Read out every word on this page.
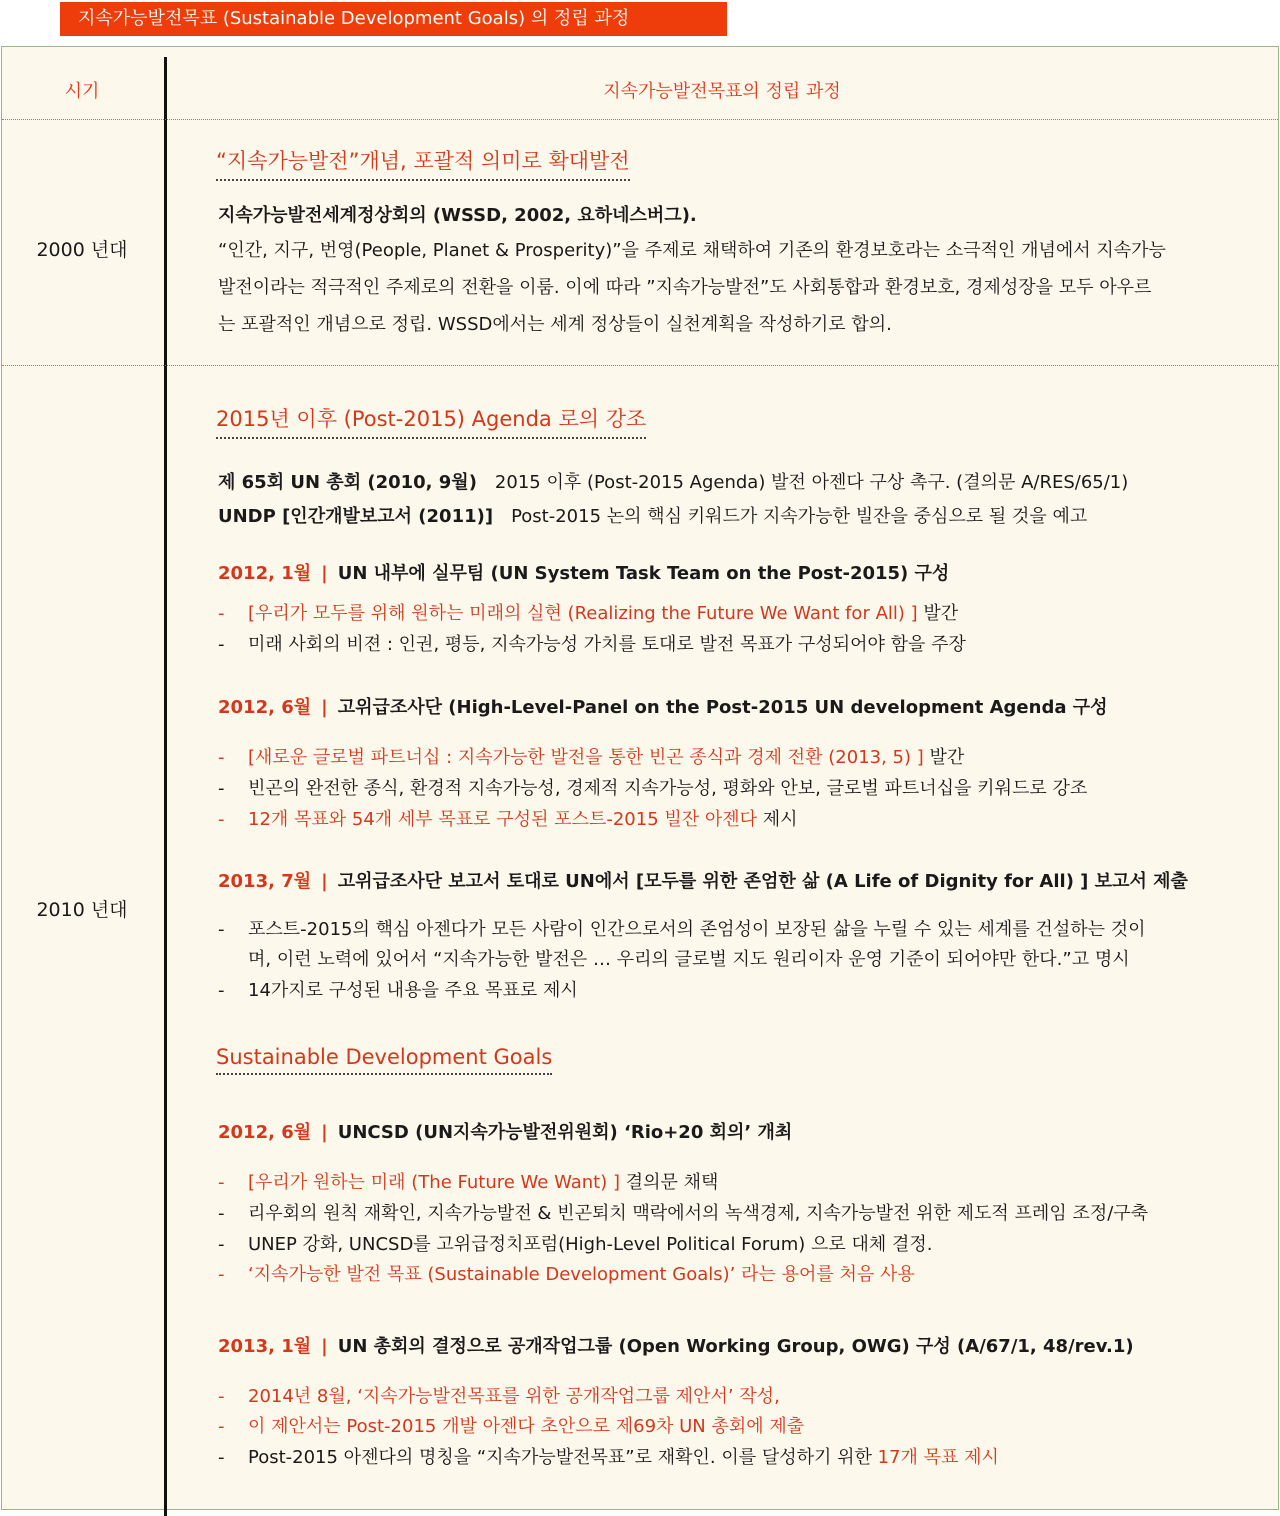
지속가능발전목표 (Sustainable Development Goals) 의 정립 과정
시기	지속가능발전목표의 정립 과정
2000 년대
“지속가능발전”개념, 포괄적 의미로 확대발전
지속가능발전세계정상회의 (WSSD, 2002, 요하네스버그).
“인간, 지구, 번영(People, Planet & Prosperity)”을 주제로 채택하여 기존의 환경보호라는 소극적인 개념에서 지속가능
발전이라는 적극적인 주제로의 전환을 이룸. 이에 따라 ”지속가능발전”도 사회통합과 환경보호, 경제성장을 모두 아우르
는 포괄적인 개념으로 정립. WSSD에서는 세계 정상들이 실천계획을 작성하기로 합의.
2010 년대
2015년 이후 (Post-2015) Agenda 로의 강조
제 65회 UN 총회 (2010, 9월) 2015 이후 (Post-2015 Agenda) 발전 아젠다 구상 촉구. (결의문 A/RES/65/1)
UNDP [인간개발보고서 (2011)] Post-2015 논의 핵심 키워드가 지속가능한 빌잔을 중심으로 될 것을 예고
2012, 1월 | UN 내부에 실무팀 (UN System Task Team on the Post-2015) 구성
- [우리가 모두를 위해 원하는 미래의 실현 (Realizing the Future We Want for All) ] 발간
- 미래 사회의 비젼 : 인권, 평등, 지속가능성 가치를 토대로 발전 목표가 구성되어야 함을 주장
2012, 6월 | 고위급조사단 (High-Level-Panel on the Post-2015 UN development Agenda 구성
- [새로운 글로벌 파트너십 : 지속가능한 발전을 통한 빈곤 종식과 경제 전환 (2013, 5) ] 발간
- 빈곤의 완전한 종식, 환경적 지속가능성, 경제적 지속가능성, 평화와 안보, 글로벌 파트너십을 키워드로 강조
- 12개 목표와 54개 세부 목표로 구성된 포스트-2015 빌잔 아젠다 제시
2013, 7월 | 고위급조사단 보고서 토대로 UN에서 [모두를 위한 존엄한 삶 (A Life of Dignity for All) ] 보고서 제출
- 포스트-2015의 핵심 아젠다가 모든 사람이 인간으로서의 존엄성이 보장된 삶을 누릴 수 있는 세계를 건설하는 것이
며, 이런 노력에 있어서 “지속가능한 발전은 … 우리의 글로벌 지도 원리이자 운영 기준이 되어야만 한다.”고 명시
- 14가지로 구성된 내용을 주요 목표로 제시
Sustainable Development Goals
2012, 6월 | UNCSD (UN지속가능발전위원회) ‘Rio+20 회의’ 개최
- [우리가 원하는 미래 (The Future We Want) ] 결의문 채택
- 리우회의 원칙 재확인, 지속가능발전 & 빈곤퇴치 맥락에서의 녹색경제, 지속가능발전 위한 제도적 프레임 조정/구축
- UNEP 강화, UNCSD를 고위급정치포럼(High-Level Political Forum) 으로 대체 결정.
- ‘지속가능한 발전 목표 (Sustainable Development Goals)’ 라는 용어를 처음 사용
2013, 1월 | UN 총회의 결정으로 공개작업그룹 (Open Working Group, OWG) 구성 (A/67/1, 48/rev.1)
- 2014년 8월, ‘지속가능발전목표를 위한 공개작업그룹 제안서’ 작성,
- 이 제안서는 Post-2015 개발 아젠다 초안으로 제69차 UN 총회에 제출
- Post-2015 아젠다의 명칭을 “지속가능발전목표”로 재확인. 이를 달성하기 위한 17개 목표 제시
